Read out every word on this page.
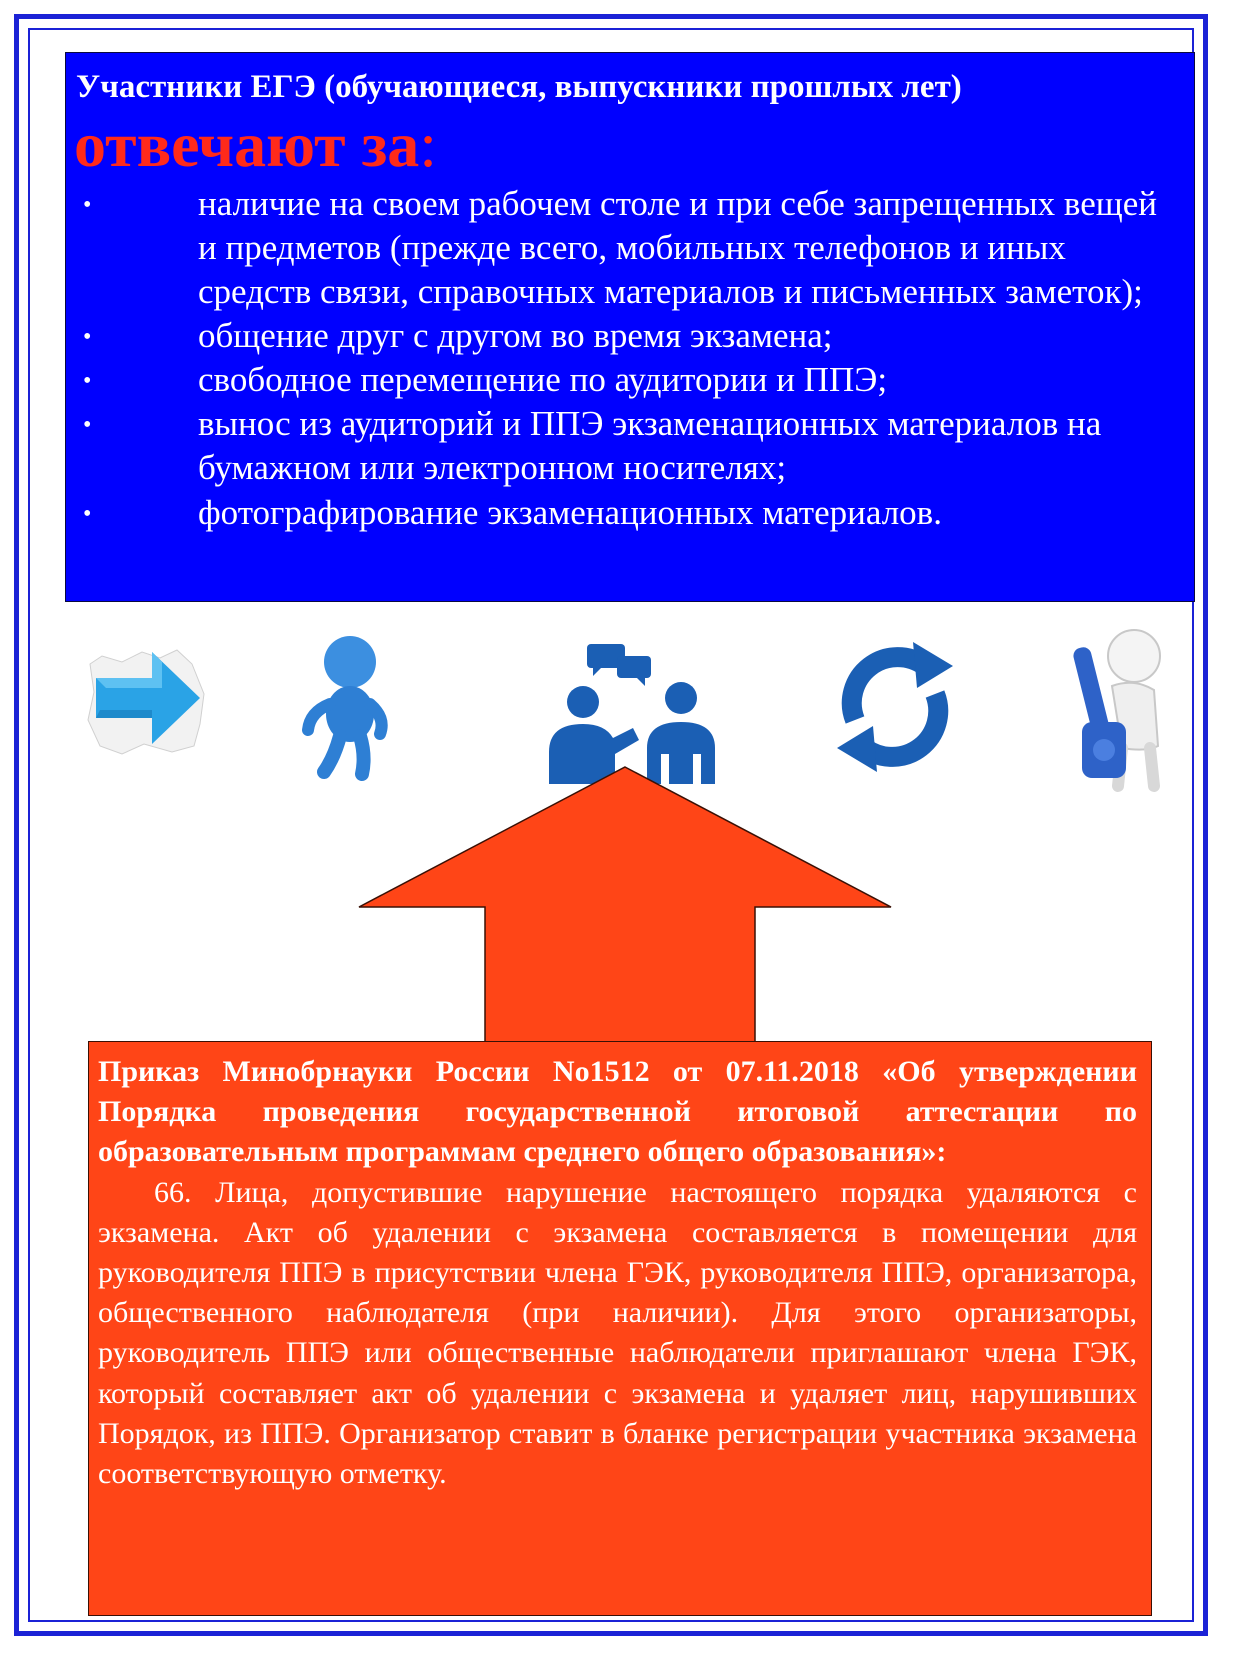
Участники ЕГЭ (обучающиеся, выпускники прошлых лет)
отвечают за:
•	наличие на своем рабочем столе и при себе запрещенных вещей и предметов (прежде всего, мобильных телефонов и иных средств связи, справочных материалов и письменных заметок);
•	общение друг с другом во время экзамена;
•	свободное перемещение по аудитории и ППЭ;
•	вынос из аудиторий и ППЭ экзаменационных материалов на бумажном или электронном носителях;
•	фотографирование экзаменационных материалов.
Приказ Минобрнауки России No1512 от 07.11.2018 «Об утверждении Порядка проведения государственной итоговой аттестации по образовательным программам среднего общего образования»:
66. Лица, допустившие нарушение настоящего порядка удаляются с экзамена. Акт об удалении с экзамена составляется в помещении для руководителя ППЭ в присутствии члена ГЭК, руководителя ППЭ, организатора, общественного наблюдателя (при наличии). Для этого организаторы, руководитель ППЭ или общественные наблюдатели приглашают члена ГЭК, который составляет акт об удалении с экзамена и удаляет лиц, нарушивших Порядок, из ППЭ. Организатор ставит в бланке регистрации участника экзамена соответствующую отметку.
